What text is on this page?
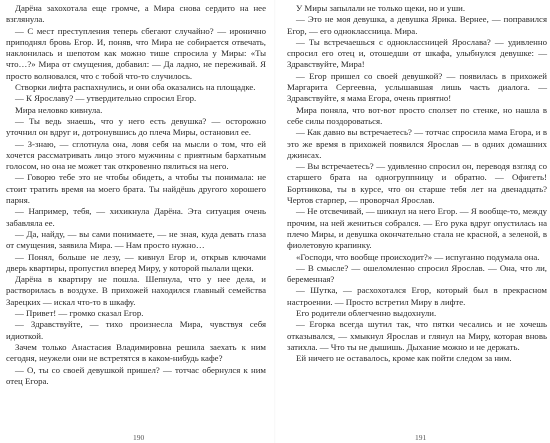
Дарёна захохотала еще громче, а Мира снова сердито на нее взглянула.

— С мест преступления теперь сбегают случайно? — иронично приподнял бровь Егор. И, поняв, что Мира не собирается отвечать, наклонилась и шепотом как можно тише спросила у Миры: «Ты что…?» Мира от смущения, добавил: — Да ладно, не переживай. Я просто волновался, что с тобой что-то случилось.

Створки лифта распахнулись, и они оба оказались на площадке.

— К Ярославу? — утвердительно спросил Егор.

Мира неловко кивнула.

— Ты ведь знаешь, что у него есть девушка? — осторожно уточнил он вдруг и, дотронувшись до плеча Миры, остановил ее.

— З-знаю, — сглотнула она, ловя себя на мысли о том, что ей хочется рассматривать лицо этого мужчины с приятным бархатным голосом, но она не может так откровенно пялиться на него.

— Говорю тебе это не чтобы обидеть, а чтобы ты понимала: не стоит тратить время на моего брата. Ты найдёшь другого хорошего парня.

— Например, тебя, — хихикнула Дарёна. Эта ситуация очень забавляла ее.

— Да, найду, — вы сами понимаете, — не зная, куда девать глаза от смущения, заявила Мира. — Нам просто нужно…

— Понял, больше не лезу, — кивнул Егор и, открыв ключами дверь квартиры, пропустил вперед Миру, у которой пылали щеки.

Дарёна в квартиру не пошла. Шепнула, что у нее дела, и растворилась в воздухе. В прихожей находился главный семейства Зарецких — искал что-то в шкафу.

— Привет! — громко сказал Егор.

— Здравствуйте, — тихо произнесла Мира, чувствуя себя идиоткой.

Зачем только Анастасия Владимировна решила заехать к ним сегодня, неужели они не встретятся в каком-нибудь кафе?

— О, ты со своей девушкой пришел? — тотчас обернулся к ним отец Егора.

У Миры запылали не только щеки, но и уши.

— Это не моя девушка, а девушка Ярика. Вернее, — поправился Егор, — его одноклассница. Мира.

— Ты встречаешься с одноклассницей Ярослава? — удивленно спросил его отец и, отошедши от шкафа, улыбнулся девушке: — Здравствуйте, Мира!

— Егор пришел со своей девушкой? — появилась в прихожей Маргарита Сергеевна, услышавшая лишь часть диалога. — Здравствуйте, я мама Егора, очень приятно!

Мира поняла, что вот-вот просто сползет по стенке, но нашла в себе силы поздороваться.

— Как давно вы встречаетесь? — тотчас спросила мама Егора, и в это же время в прихожей появился Ярослав — в одних домашних джинсах.

— Вы встречаетесь? — удивленно спросил он, переводя взгляд со старшего брата на одногруппницу и обратно. — Офигеть! Бортникова, ты в курсе, что он старше тебя лет на двенадцать? Чертов старпер, — проворчал Ярослав.

— Не отсвечивай, — шикнул на него Егор. — Я вообще-то, между прочим, на ней жениться собрался. — Его рука вдруг опустилась на плечо Миры, и девушка окончательно стала не красной, а зеленой, в фиолетовую крапинку.

«Господи, что вообще происходит?» — испуганно подумала она.

— В смысле? — ошеломленно спросил Ярослав. — Она, что ли, беременная?

— Шутка, — расхохотался Егор, который был в прекрасном настроении. — Просто встретил Миру в лифте.

Его родители облегченно выдохнули.

— Егорка всегда шутил так, что пятки чесались и не хочешь отказывался, — хмыкнул Ярослав и глянул на Миру, которая вновь затихла. — Что ты не дышишь. Дыхание можно и не держать.

Ей ничего не оставалось, кроме как пойти следом за ним.

190	191
